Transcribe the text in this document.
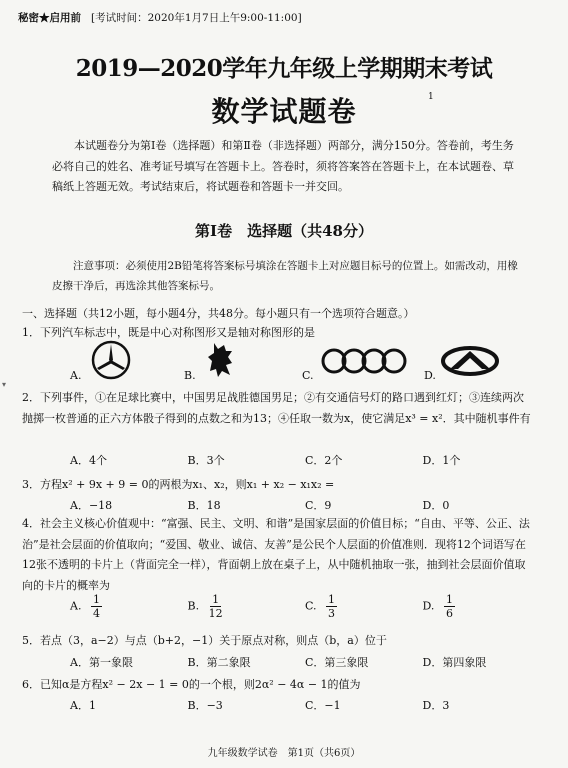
秘密★启用前 [考试时间：2020年1月7日上午9:00-11:00]
2019—2020学年九年级上学期期末考试
数学试题卷	1
本试题卷分为第Ⅰ卷（选择题）和第Ⅱ卷（非选择题）两部分，满分150分。答卷前，考生务必将自己的姓名、准考证号填写在答题卡上。答卷时，须将答案答在答题卡上，在本试题卷、草稿纸上答题无效。考试结束后，将试题卷和答题卡一并交回。
第Ⅰ卷　选择题（共48分）
注意事项：必须使用2B铅笔将答案标号填涂在答题卡上对应题目标号的位置上。如需改动，用橡皮擦干净后，再选涂其他答案标号。
一、选择题（共12小题，每小题4分，共48分。每小题只有一个选项符合题意。）
1．下列汽车标志中，既是中心对称图形又是轴对称图形的是
A.	B.	C.	D.
2．下列事件，①在足球比赛中，中国男足战胜德国男足；②有交通信号灯的路口遇到红灯；③连续两次抛掷一枚普通的正六方体骰子得到的点数之和为13；④任取一数为x，使它满足x³ = x²．其中随机事件有
A．4个	B．3个	C．2个	D．1个
3．方程x² + 9x + 9 = 0的两根为x₁、x₂，则x₁ + x₂ − x₁x₂ =
A．−18	B．18	C．9	D．0
4．社会主义核心价值观中：“富强、民主、文明、和谐”是国家层面的价值目标；“自由、平等、公正、法治”是社会层面的价值取向；“爱国、敬业、诚信、友善”是公民个人层面的价值准则．现将12个词语写在12张不透明的卡片上（背面完全一样），背面朝上放在桌子上，从中随机抽取一张，抽到社会层面价值取向的卡片的概率为
A. $\frac{1}{4}$	B. $\frac{1}{12}$	C. $\frac{1}{3}$	D. $\frac{1}{6}$
5．若点（3，a−2）与点（b+2，−1）关于原点对称，则点（b，a）位于
A．第一象限	B．第二象限	C．第三象限	D．第四象限
6．已知α是方程x² − 2x − 1 = 0的一个根，则2α² − 4α − 1的值为
A．1	B．−3	C．−1	D．3
▾
九年级数学试卷　第1页（共6页）
